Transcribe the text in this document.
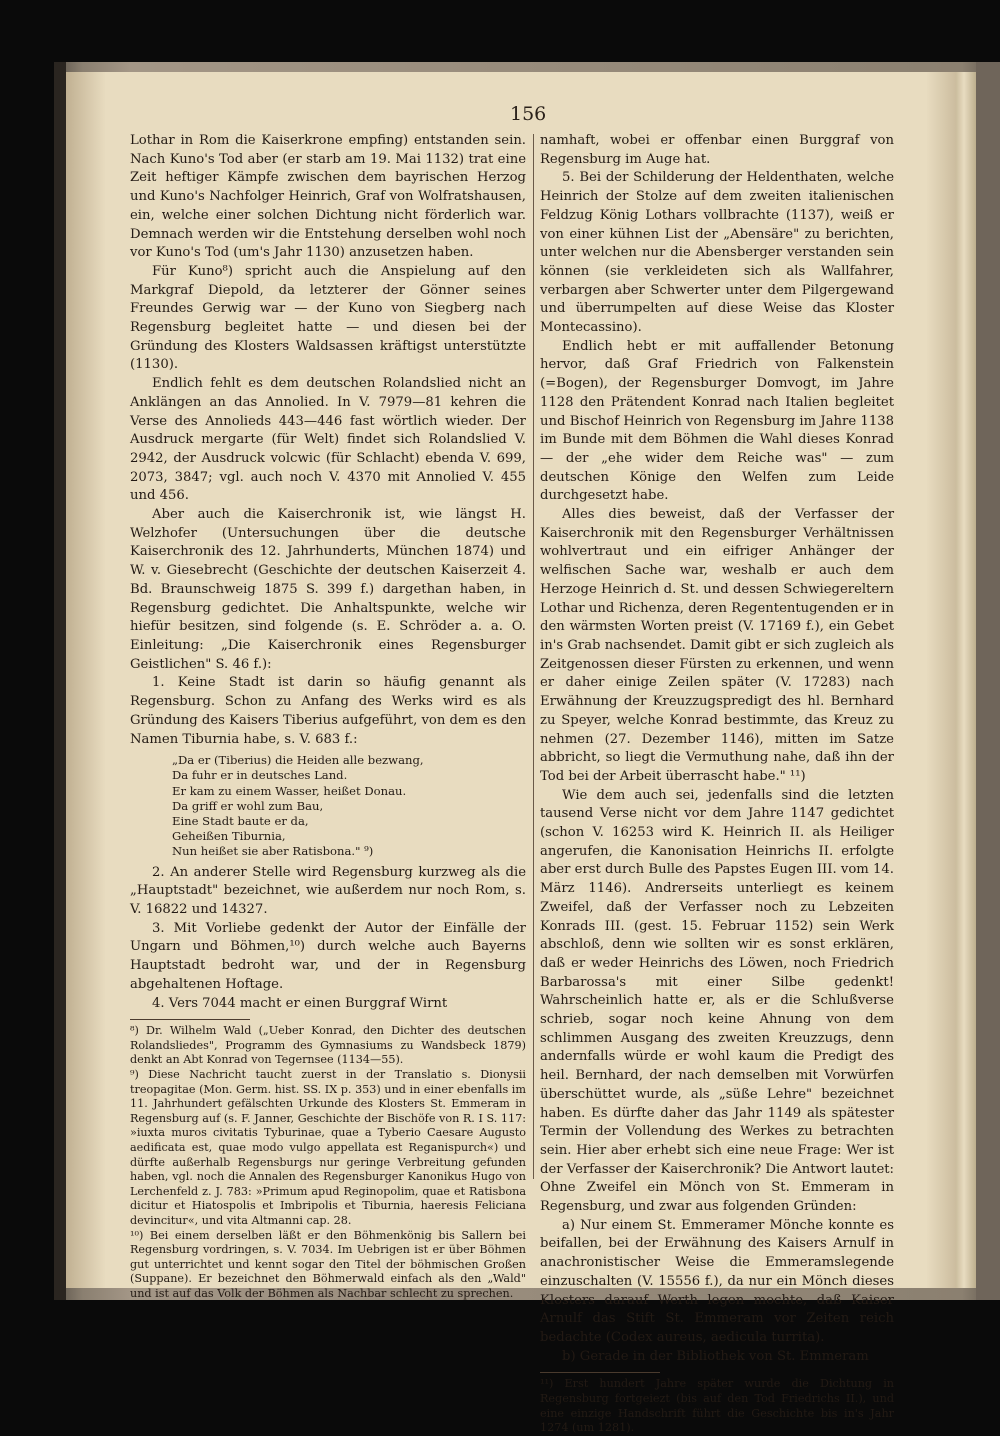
156

Lothar in Rom die Kaiserkrone empfing) entstanden sein. Nach Kuno's Tod aber (er starb am 19. Mai 1132) trat eine Zeit heftiger Kämpfe zwischen dem bayrischen Herzog und Kuno's Nachfolger Heinrich, Graf von Wolfratshausen, ein, welche einer solchen Dichtung nicht förderlich war. Demnach werden wir die Entstehung derselben wohl noch vor Kuno's Tod (um's Jahr 1130) anzusetzen haben.

Für Kuno⁸) spricht auch die Anspielung auf den Markgraf Diepold, da letzterer der Gönner seines Freundes Gerwig war — der Kuno von Siegberg nach Regensburg begleitet hatte — und diesen bei der Gründung des Klosters Waldsassen kräftigst unterstützte (1130).

Endlich fehlt es dem deutschen Rolandslied nicht an Anklängen an das Annolied. In V. 7979—81 kehren die Verse des Annolieds 443—446 fast wörtlich wieder. Der Ausdruck mergarte (für Welt) findet sich Rolandslied V. 2942, der Ausdruck volcwic (für Schlacht) ebenda V. 699, 2073, 3847; vgl. auch noch V. 4370 mit Annolied V. 455 und 456.

Aber auch die Kaiserchronik ist, wie längst H. Welzhofer (Untersuchungen über die deutsche Kaiserchronik des 12. Jahrhunderts, München 1874) und W. v. Giesebrecht (Geschichte der deutschen Kaiserzeit 4. Bd. Braunschweig 1875 S. 399 f.) dargethan haben, in Regensburg gedichtet. Die Anhaltspunkte, welche wir hiefür besitzen, sind folgende (s. E. Schröder a. a. O. Einleitung: „Die Kaiserchronik eines Regensburger Geistlichen" S. 46 f.):

1. Keine Stadt ist darin so häufig genannt als Regensburg. Schon zu Anfang des Werks wird es als Gründung des Kaisers Tiberius aufgeführt, von dem es den Namen Tiburnia habe, s. V. 683 f.:

„Da er (Tiberius) die Heiden alle bezwang,
Da fuhr er in deutsches Land.
Er kam zu einem Wasser, heißet Donau.
Da griff er wohl zum Bau,
Eine Stadt baute er da,
Geheißen Tiburnia,
Nun heißet sie aber Ratisbona." ⁹)

2. An anderer Stelle wird Regensburg kurzweg als die „Hauptstadt" bezeichnet, wie außerdem nur noch Rom, s. V. 16822 und 14327.

3. Mit Vorliebe gedenkt der Autor der Einfälle der Ungarn und Böhmen,¹⁰) durch welche auch Bayerns Hauptstadt bedroht war, und der in Regensburg abgehaltenen Hoftage.

4. Vers 7044 macht er einen Burggraf Wirnt

⁸) Dr. Wilhelm Wald („Ueber Konrad, den Dichter des deutschen Rolandsliedes", Programm des Gymnasiums zu Wandsbeck 1879) denkt an Abt Konrad von Tegernsee (1134—55).

⁹) Diese Nachricht taucht zuerst in der Translatio s. Dionysii treopagitae (Mon. Germ. hist. SS. IX p. 353) und in einer ebenfalls im 11. Jahrhundert gefälschten Urkunde des Klosters St. Emmeram in Regensburg auf (s. F. Janner, Geschichte der Bischöfe von R. I S. 117: »iuxta muros civitatis Tyburinae, quae a Tyberio Caesare Augusto aedificata est, quae modo vulgo appellata est Reganispurch«) und dürfte außerhalb Regensburgs nur geringe Verbreitung gefunden haben, vgl. noch die Annalen des Regensburger Kanonikus Hugo von Lerchenfeld z. J. 783: »Primum apud Reginopolim, quae et Ratisbona dicitur et Hiatospolis et Imbripolis et Tiburnia, haeresis Feliciana devincitur«, und vita Altmanni cap. 28.

¹⁰) Bei einem derselben läßt er den Böhmenkönig bis Sallern bei Regensburg vordringen, s. V. 7034. Im Uebrigen ist er über Böhmen gut unterrichtet und kennt sogar den Titel der böhmischen Großen (Suppane). Er bezeichnet den Böhmerwald einfach als den „Wald" und ist auf das Volk der Böhmen als Nachbar schlecht zu sprechen.

namhaft, wobei er offenbar einen Burggraf von Regensburg im Auge hat.

5. Bei der Schilderung der Heldenthaten, welche Heinrich der Stolze auf dem zweiten italienischen Feldzug König Lothars vollbrachte (1137), weiß er von einer kühnen List der „Abensäre" zu berichten, unter welchen nur die Abensberger verstanden sein können (sie verkleideten sich als Wallfahrer, verbargen aber Schwerter unter dem Pilgergewand und überrumpelten auf diese Weise das Kloster Montecassino).

Endlich hebt er mit auffallender Betonung hervor, daß Graf Friedrich von Falkenstein (=Bogen), der Regensburger Domvogt, im Jahre 1128 den Prätendent Konrad nach Italien begleitet und Bischof Heinrich von Regensburg im Jahre 1138 im Bunde mit dem Böhmen die Wahl dieses Konrad — der „ehe wider dem Reiche was" — zum deutschen Könige den Welfen zum Leide durchgesetzt habe.

Alles dies beweist, daß der Verfasser der Kaiserchronik mit den Regensburger Verhältnissen wohlvertraut und ein eifriger Anhänger der welfischen Sache war, weshalb er auch dem Herzoge Heinrich d. St. und dessen Schwiegereltern Lothar und Richenza, deren Regententugenden er in den wärmsten Worten preist (V. 17169 f.), ein Gebet in's Grab nachsendet. Damit gibt er sich zugleich als Zeitgenossen dieser Fürsten zu erkennen, und wenn er daher einige Zeilen später (V. 17283) nach Erwähnung der Kreuzzugspredigt des hl. Bernhard zu Speyer, welche Konrad bestimmte, das Kreuz zu nehmen (27. Dezember 1146), mitten im Satze abbricht, so liegt die Vermuthung nahe, daß ihn der Tod bei der Arbeit überrascht habe." ¹¹)

Wie dem auch sei, jedenfalls sind die letzten tausend Verse nicht vor dem Jahre 1147 gedichtet (schon V. 16253 wird K. Heinrich II. als Heiliger angerufen, die Kanonisation Heinrichs II. erfolgte aber erst durch Bulle des Papstes Eugen III. vom 14. März 1146). Andrerseits unterliegt es keinem Zweifel, daß der Verfasser noch zu Lebzeiten Konrads III. (gest. 15. Februar 1152) sein Werk abschloß, denn wie sollten wir es sonst erklären, daß er weder Heinrichs des Löwen, noch Friedrich Barbarossa's mit einer Silbe gedenkt! Wahrscheinlich hatte er, als er die Schlußverse schrieb, sogar noch keine Ahnung von dem schlimmen Ausgang des zweiten Kreuzzugs, denn andernfalls würde er wohl kaum die Predigt des heil. Bernhard, der nach demselben mit Vorwürfen überschüttet wurde, als „süße Lehre" bezeichnet haben. Es dürfte daher das Jahr 1149 als spätester Termin der Vollendung des Werkes zu betrachten sein. Hier aber erhebt sich eine neue Frage: Wer ist der Verfasser der Kaiserchronik? Die Antwort lautet: Ohne Zweifel ein Mönch von St. Emmeram in Regensburg, und zwar aus folgenden Gründen:

a) Nur einem St. Emmeramer Mönche konnte es beifallen, bei der Erwähnung des Kaisers Arnulf in anachronistischer Weise die Emmeramslegende einzuschalten (V. 15556 f.), da nur ein Mönch dieses Klosters darauf Werth legen mochte, daß Kaiser Arnulf das Stift St. Emmeram vor Zeiten reich bedachte (Codex aureus, aedicula turrita).

b) Gerade in der Bibliothek von St. Emmeram

¹¹) Erst hundert Jahre später wurde die Dichtung in Regensburg fortgeiezt (bis auf den Tod Friedrichs II.), und eine einzige Handschrift führt die Geschichte bis in's Jahr 1274 (um 1281).
